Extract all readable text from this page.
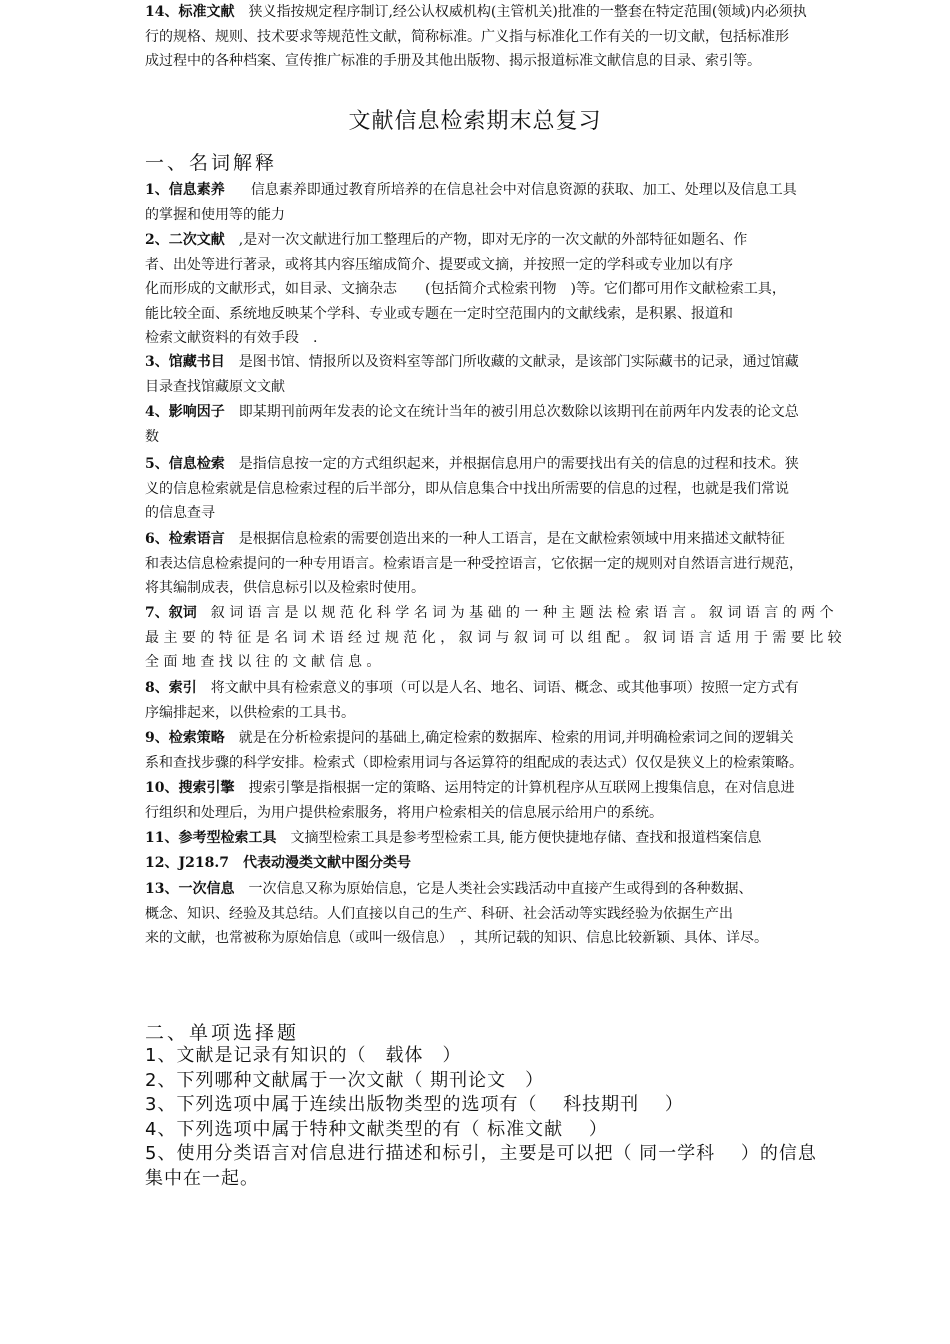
文献信息检索期末总复习
一、名词解释
1、信息素养 信息素养即通过教育所培养的在信息社会中对信息资源的获取、加工、处理以及信息工具
的掌握和使用等的能力
2、二次文献 ,是对一次文献进行加工整理后的产物，即对无序的一次文献的外部特征如题名、作
者、出处等进行著录，或将其内容压缩成简介、提要或文摘，并按照一定的学科或专业加以有序
化而形成的文献形式，如目录、文摘杂志　　(包括简介式检索刊物　)等。它们都可用作文献检索工具，
能比较全面、系统地反映某个学科、专业或专题在一定时空范围内的文献线索，是积累、报道和
检索文献资料的有效手段　.
3、馆藏书目 是图书馆、情报所以及资料室等部门所收藏的文献录，是该部门实际藏书的记录，通过馆藏
目录查找馆藏原文文献
4、影响因子 即某期刊前两年发表的论文在统计当年的被引用总次数除以该期刊在前两年内发表的论文总
数
5、信息检索 是指信息按一定的方式组织起来，并根据信息用户的需要找出有关的信息的过程和技术。狭
义的信息检索就是信息检索过程的后半部分，即从信息集合中找出所需要的信息的过程，也就是我们常说
的信息查寻
6、检索语言 是根据信息检索的需要创造出来的一种人工语言，是在文献检索领域中用来描述文献特征
和表达信息检索提问的一种专用语言。检索语言是一种受控语言，它依据一定的规则对自然语言进行规范，
将其编制成表，供信息标引以及检索时使用。
7、叙词 叙 词 语 言 是 以 规 范 化 科 学 名 词 为 基 础 的 一 种 主 题 法 检 索 语 言 。 叙 词 语 言 的 两 个
最 主 要 的 特 征 是 名 词 术 语 经 过 规 范 化 ， 叙 词 与 叙 词 可 以 组 配 。 叙 词 语 言 适 用 于 需 要 比 较
全 面 地 查 找 以 往 的 文 献 信 息 。
8、索引 将文献中具有检索意义的事项（可以是人名、地名、词语、概念、或其他事项）按照一定方式有
序编排起来，以供检索的工具书。
9、检索策略 就是在分析检索提问的基础上,确定检索的数据库、检索的用词,并明确检索词之间的逻辑关
系和查找步骤的科学安排。检索式（即检索用词与各运算符的组配成的表达式）仅仅是狭义上的检索策略。
10、搜索引擎 搜索引擎是指根据一定的策略、运用特定的计算机程序从互联网上搜集信息，在对信息进
行组织和处理后，为用户提供检索服务，将用户检索相关的信息展示给用户的系统。
11、参考型检索工具 文摘型检索工具是参考型检索工具, 能方便快捷地存储、查找和报道档案信息
12、J218.7　代表动漫类文献中图分类号
13、一次信息 一次信息又称为原始信息，它是人类社会实践活动中直接产生或得到的各种数据、
概念、知识、经验及其总结。人们直接以自己的生产、科研、社会活动等实践经验为依据生产出
来的文献，也常被称为原始信息（或叫一级信息）　，其所记载的知识、信息比较新颖、具体、详尽。
14、标准文献 狭义指按规定程序制订,经公认权威机构(主管机关)批准的一整套在特定范围(领域)内必须执
行的规格、规则、技术要求等规范性文献，简称标准。广义指与标准化工作有关的一切文献，包括标准形
成过程中的各种档案、宣传推广标准的手册及其他出版物、揭示报道标准文献信息的目录、索引等。
二、单项选择题
1、文献是记录有知识的（　载体　）
2、下列哪种文献属于一次文献（ 期刊论文　）
3、下列选项中属于连续出版物类型的选项有（　 科技期刊　 ）
4、下列选项中属于特种文献类型的有（ 标准文献　 ）
5、使用分类语言对信息进行描述和标引，主要是可以把（ 同一学科　 ）的信息
集中在一起。
